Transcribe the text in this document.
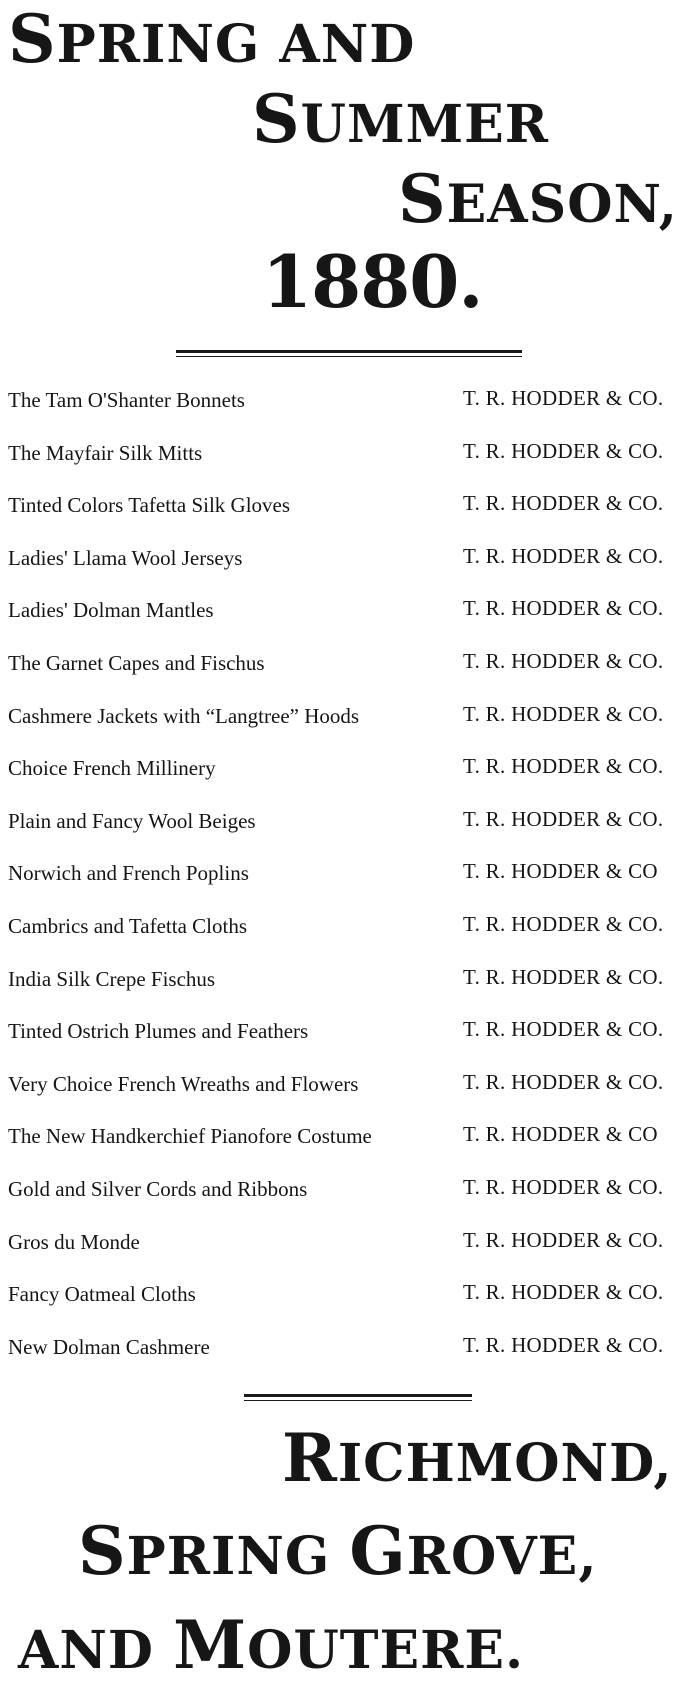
SPRING AND
SUMMER
SEASON,
1880.
The Tam O'Shanter Bonnets	T. R. HODDER & CO.
The Mayfair Silk Mitts	T. R. HODDER & CO.
Tinted Colors Tafetta Silk Gloves	T. R. HODDER & CO.
Ladies' Llama Wool Jerseys	T. R. HODDER & CO.
Ladies' Dolman Mantles	T. R. HODDER & CO.
The Garnet Capes and Fischus	T. R. HODDER & CO.
Cashmere Jackets with “Langtree” Hoods	T. R. HODDER & CO.
Choice French Millinery	T. R. HODDER & CO.
Plain and Fancy Wool Beiges	T. R. HODDER & CO.
Norwich and French Poplins	T. R. HODDER & CO
Cambrics and Tafetta Cloths	T. R. HODDER & CO.
India Silk Crepe Fischus	T. R. HODDER & CO.
Tinted Ostrich Plumes and Feathers	T. R. HODDER & CO.
Very Choice French Wreaths and Flowers	T. R. HODDER & CO.
The New Handkerchief Pianofore Costume	T. R. HODDER & CO
Gold and Silver Cords and Ribbons	T. R. HODDER & CO.
Gros du Monde	T. R. HODDER & CO.
Fancy Oatmeal Cloths	T. R. HODDER & CO.
New Dolman Cashmere	T. R. HODDER & CO.
RICHMOND,
SPRING GROVE,
AND MOUTERE.
